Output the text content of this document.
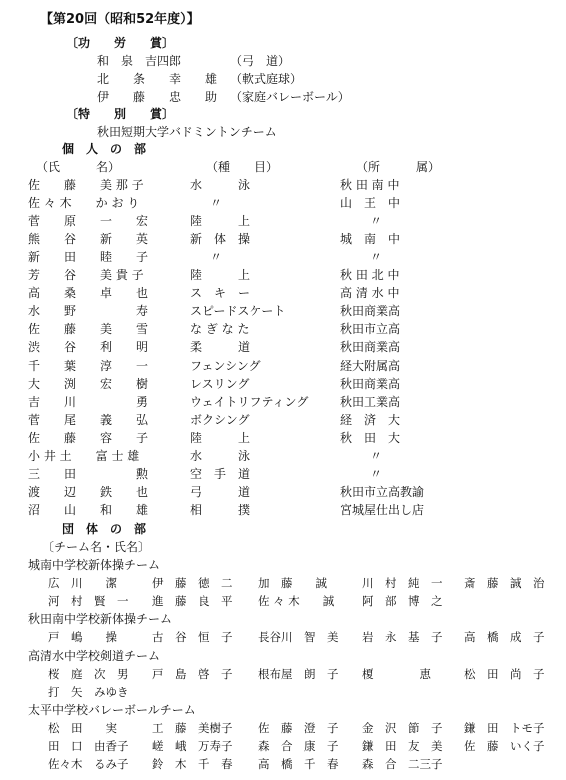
【第20回（昭和52年度）】
〔功　　労　　賞〕
和　泉　吉四郎	（弓　道）
北　　条　　幸　　雄 （軟式庭球）
伊　　藤　　忠　　助 （家庭バレーボール）
〔特　　別　　賞〕
秋田短期大学バドミントンチーム
個　人　の　部
（氏　　　名）	（種　　目）	（所　　　属）
佐　　藤　　美 那 子	水　　　泳	秋 田 南 中
佐 々 木　　か お り	〃	山　王　中
菅　　原　　一　　宏	陸　　　上	〃
熊　　谷　　新　　英	新　体　操	城　南　中
新　　田　　睦　　子	〃	〃
芳　　谷　　美 貴 子	陸　　　上	秋 田 北 中
高　　桑　　卓　　也	ス　キ　ー	高 清 水 中
水　　野　　　　　寿	スピードスケート	秋田商業高
佐　　藤　　美　　雪	な ぎ な た	秋田市立高
渋　　谷　　利　　明	柔　　　道	秋田商業高
千　　葉　　淳　　一	フェンシング	経大附属高
大　　渕　　宏　　樹	レスリング	秋田商業高
吉　　川　　　　　勇	ウェイトリフティング	秋田工業高
菅　　尾　　義　　弘	ボクシング	経　済　大
佐　　藤　　容　　子	陸　　　上	秋　田　大
小 井 土　　富 士 雄	水　　　泳	〃
三　　田　　　　　勲	空　手　道	〃
渡　　辺　　鉄　　也	弓　　　道	秋田市立高教諭
沼　　山　　和　　雄	相　　　撲	宮城屋仕出し店
団　体　の　部
〔チーム名・氏名〕
城南中学校新体操チーム
広　川　　潔	伊　藤　徳　二 加　藤　　誠	川　村　純　一 斎　藤　誠　治
河　村　賢　一 進　藤　良　平 佐 々 木　　誠 阿　部　博　之
秋田南中学校新体操チーム
戸　嶋　　操	古　谷　恒　子 長谷川　智　美 岩　永　基　子 高　橋　成　子
高清水中学校剣道チーム
桜　庭　次　男 戸　島　啓　子 根布屋　朗　子 榎　　　　恵	松　田　尚　子
打　矢　みゆき
太平中学校バレーボールチーム
松　田　　実	工　藤　美樹子 佐　藤　澄　子 金　沢　節　子 鎌　田　トモ子
田　口　由香子 嵯　峨　万寿子 森　合　康　子 鎌　田　友　美 佐　藤　いく子
佐々木　るみ子 鈴　木　千　春 高　橋　千　春 森　合　二三子
